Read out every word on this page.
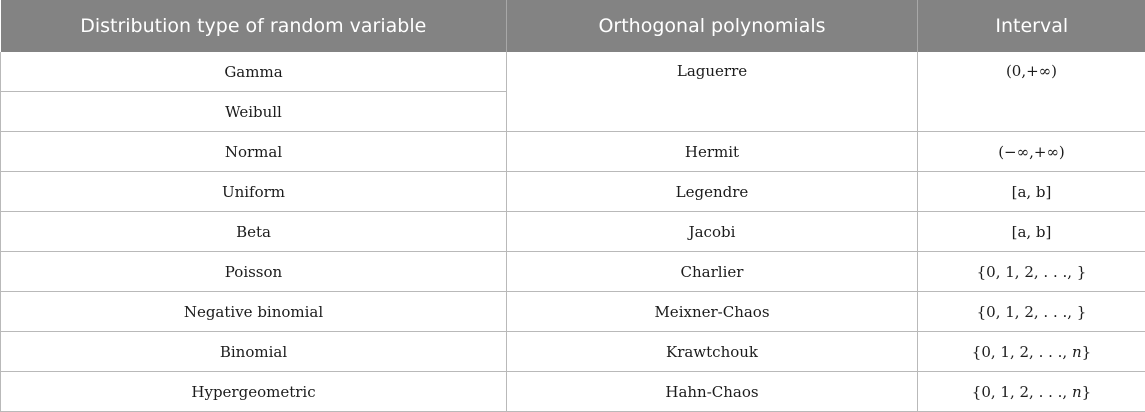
Distribution type of random variable	Orthogonal polynomials	Interval
Gamma	Laguerre	(0,+∞)
Weibull		
Normal	Hermit	(−∞,+∞)
Uniform	Legendre	[a, b]
Beta	Jacobi	[a, b]
Poisson	Charlier	{0, 1, 2, . . ., }
Negative binomial	Meixner-Chaos	{0, 1, 2, . . ., }
Binomial	Krawtchouk	{0, 1, 2, . . ., n}
Hypergeometric	Hahn-Chaos	{0, 1, 2, . . ., n}
